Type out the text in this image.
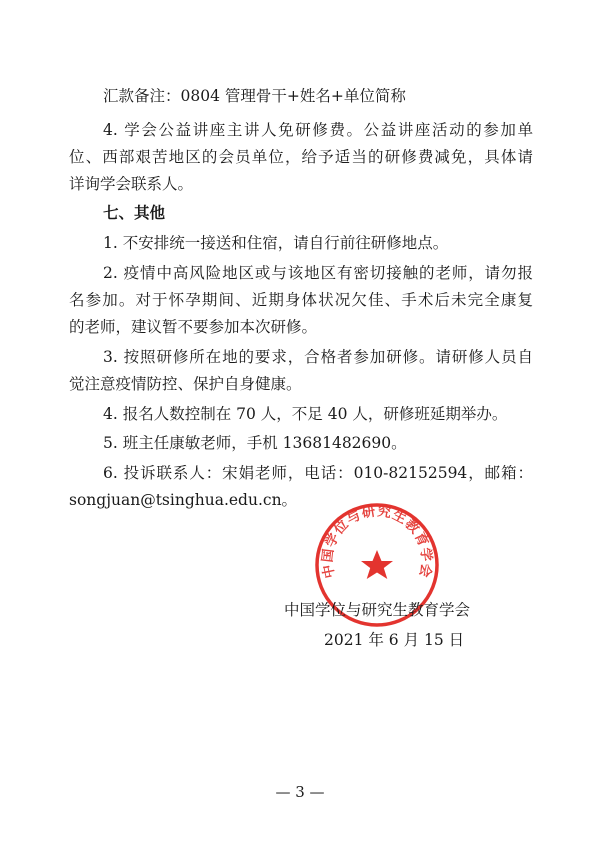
汇款备注：0804 管理骨干+姓名+单位简称
4. 学会公益讲座主讲人免研修费。公益讲座活动的参加单
位、西部艰苦地区的会员单位，给予适当的研修费减免，具体请
详询学会联系人。
七、其他
1. 不安排统一接送和住宿，请自行前往研修地点。
2. 疫情中高风险地区或与该地区有密切接触的老师，请勿报
名参加。对于怀孕期间、近期身体状况欠佳、手术后未完全康复
的老师，建议暂不要参加本次研修。
3. 按照研修所在地的要求，合格者参加研修。请研修人员自
觉注意疫情防控、保护自身健康。
4. 报名人数控制在 70 人，不足 40 人，研修班延期举办。
5. 班主任康敏老师，手机 13681482690。
6. 投诉联系人：宋娟老师，电话：010-82152594，邮箱：
songjuan@tsinghua.edu.cn。
中国学位与研究生教育学会
中国学位与研究生教育学会
2021 年 6 月 15 日
— 3 —
